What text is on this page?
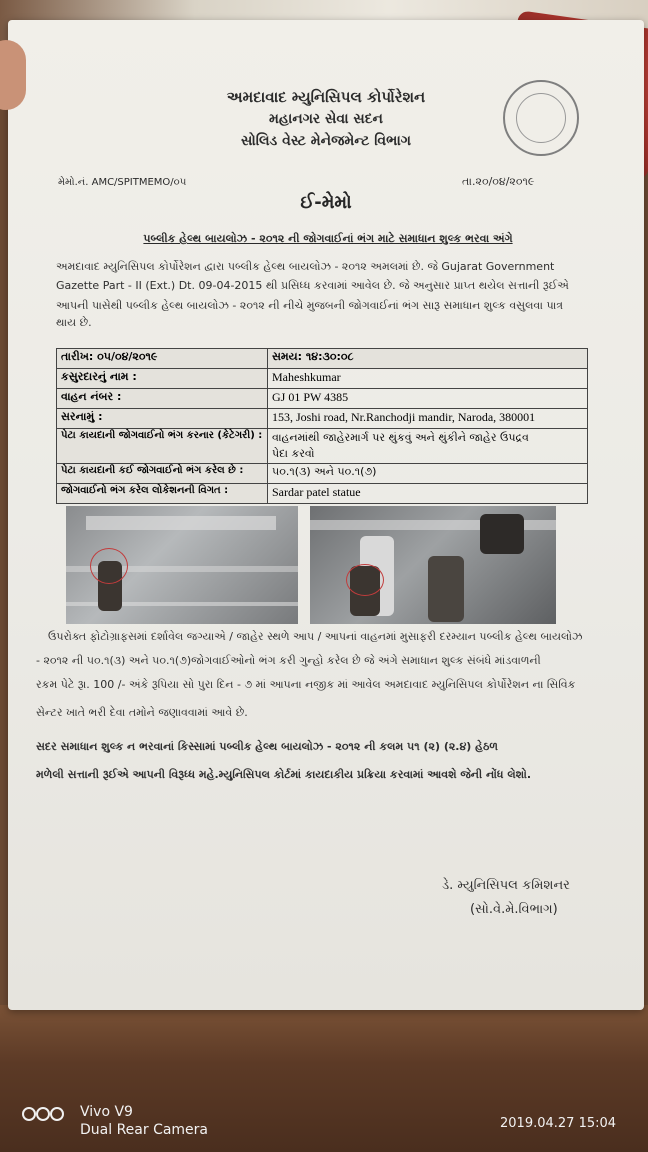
અમદાવાદ મ્યુનિસિપલ કોર્પોરેશન
મહાનગર સેવા સદન
સોલિડ વેસ્ટ મેનેજમેન્ટ વિભાગ
મેમો.નં. AMC/SPITMEMO/૦૫	તા.૨૦/૦૪/૨૦૧૯
ઈ-મેમો
પબ્લીક હેલ્થ બાયલોઝ - ૨૦૧૨ ની જોગવાઈનાં ભંગ માટે સમાધાન શુલ્ક ભરવા અંગે
અમદાવાદ મ્યુનિસિપલ કોર્પોરેશન દ્વારા પબ્લીક હેલ્થ બાયલોઝ - ૨૦૧૨ અમલમાં છે. જે Gujarat Government
Gazette Part - II (Ext.) Dt. 09-04-2015 થી પ્રસિધ્ધ કરવામાં આવેલ છે. જે અનુસાર પ્રાપ્ત થયેલ સત્તાની રૂઈએ
આપની પાસેથી પબ્લીક હેલ્થ બાયલોઝ - ૨૦૧૨ ની નીચે મુજબની જોગવાઈનાં ભંગ સારૂ સમાધાન શુલ્ક વસુલવા પાત્ર
થાય છે.
તારીખ: ૦૫/૦૪/૨૦૧૯	સમય: ૧૪:૩૦:૦૮
કસુરદારનું નામ :	Maheshkumar
વાહન નંબર :	GJ 01 PW 4385
સરનામું :	153, Joshi road, Nr.Ranchodji mandir, Naroda, 380001
પેટા કાયદાની જોગવાઈનો ભંગ કરનાર (કેટેગરી) :	વાહનમાંથી જાહેરમાર્ગ પર થુંકવું અને થુંકીને જાહેર ઉપદ્રવ
પેદા કરવો

પેટા કાયદાની કઈ જોગવાઈનો ભંગ કરેલ છે :	૫૦.૧(૩) અને ૫૦.૧(૭)
જોગવાઈનો ભંગ કરેલ લોકેશનની વિગત :	Sardar patel statue
ઉપરોક્ત ફોટોગ્રાફસમાં દર્શાવેલ જગ્યાએ / જાહેર સ્થળે આપ / આપનાં વાહનમાં મુસાફરી દરમ્યાન પબ્લીક હેલ્થ બાયલોઝ
- ૨૦૧૨ ની ૫૦.૧(૩) અને ૫૦.૧(૭)જોગવાઈઓનો ભંગ કરી ગુન્હો કરેલ છે જે અંગે સમાધાન શુલ્ક સંબંધે માંડવાળની
રકમ પેટે રૂા. 100 /- અંકે રૂપિયા સો પુરા દિન - ૭ માં આપના નજીક માં આવેલ અમદાવાદ મ્યુનિસિપલ કોર્પોરેશન ના સિવિક
સેન્ટર ખાતે ભરી દેવા તમોને જણાવવામાં આવે છે.
સદર સમાધાન શુલ્ક ન ભરવાનાં કિસ્સામાં પબ્લીક હેલ્થ બાયલોઝ - ૨૦૧૨ ની કલમ ૫૧ (૨) (૨.૪) હેઠળ
મળેલી સત્તાની રૂઈએ આપની વિરૂધ્ધ મહે.મ્યુનિસિપલ કોર્ટમાં કાયદાકીય પ્રક્રિયા કરવામાં આવશે જેની નોંધ લેશો.
ડે. મ્યુનિસિપલ કમિશનર
(સો.વે.મે.વિભાગ)
Vivo V9
Dual Rear Camera	2019.04.27 15:04
